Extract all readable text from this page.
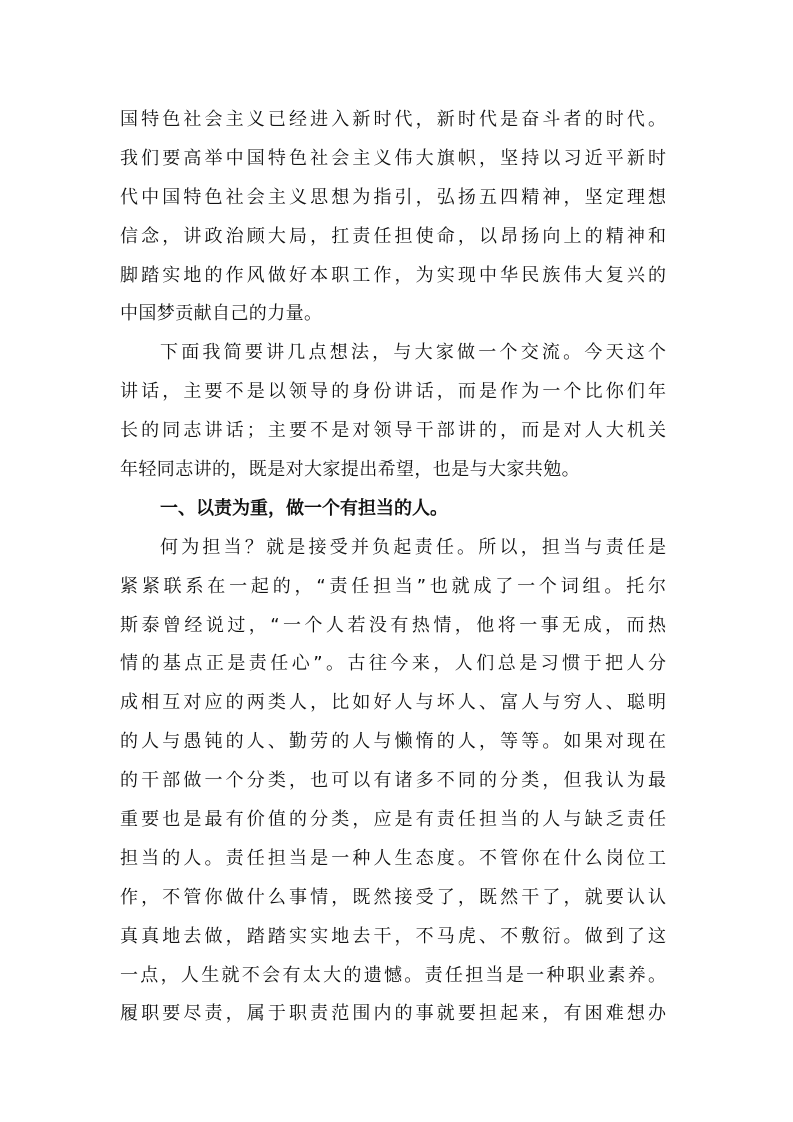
国特色社会主义已经进入新时代，新时代是奋斗者的时代。
我们要高举中国特色社会主义伟大旗帜，坚持以习近平新时
代中国特色社会主义思想为指引，弘扬五四精神，坚定理想
信念，讲政治顾大局，扛责任担使命，以昂扬向上的精神和
脚踏实地的作风做好本职工作，为实现中华民族伟大复兴的
中国梦贡献自己的力量。
下面我简要讲几点想法，与大家做一个交流。今天这个
讲话，主要不是以领导的身份讲话，而是作为一个比你们年
长的同志讲话；主要不是对领导干部讲的，而是对人大机关
年轻同志讲的，既是对大家提出希望，也是与大家共勉。
一、以责为重，做一个有担当的人。
何为担当？就是接受并负起责任。所以，担当与责任是
紧紧联系在一起的，“责任担当”也就成了一个词组。托尔
斯泰曾经说过，“一个人若没有热情，他将一事无成，而热
情的基点正是责任心”。古往今来，人们总是习惯于把人分
成相互对应的两类人，比如好人与坏人、富人与穷人、聪明
的人与愚钝的人、勤劳的人与懒惰的人，等等。如果对现在
的干部做一个分类，也可以有诸多不同的分类，但我认为最
重要也是最有价值的分类，应是有责任担当的人与缺乏责任
担当的人。责任担当是一种人生态度。不管你在什么岗位工
作，不管你做什么事情，既然接受了，既然干了，就要认认
真真地去做，踏踏实实地去干，不马虎、不敷衍。做到了这
一点，人生就不会有太大的遗憾。责任担当是一种职业素养。
履职要尽责，属于职责范围内的事就要担起来，有困难想办
